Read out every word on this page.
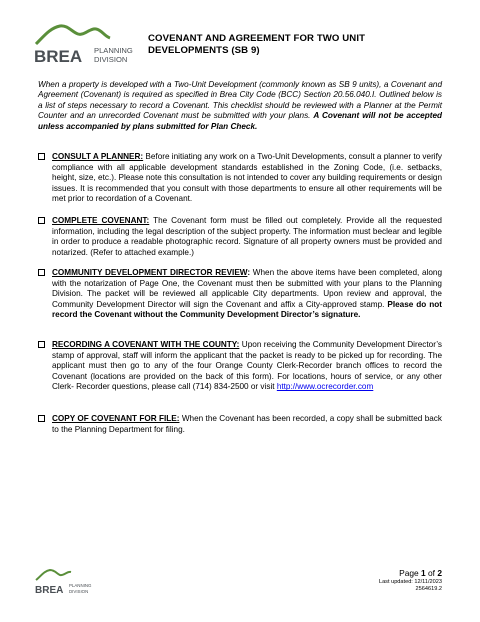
BREA PLANNING
DIVISION
COVENANT AND AGREEMENT FOR TWO UNIT
DEVELOPMENTS (SB 9)
When a property is developed with a Two-Unit Development (commonly known as SB 9 units), a Covenant and Agreement (Covenant) is required as specified in Brea City Code (BCC) Section 20.56.040.I. Outlined below is a list of steps necessary to record a Covenant. This checklist should be reviewed with a Planner at the Permit Counter and an unrecorded Covenant must be submitted with your plans. A Covenant will not be accepted unless accompanied by plans submitted for Plan Check.
CONSULT A PLANNER: Before initiating any work on a Two-Unit Developments, consult a planner to verify compliance with all applicable development standards established in the Zoning Code, (i.e. setbacks, height, size, etc.). Please note this consultation is not intended to cover any building requirements or design issues. It is recommended that you consult with those departments to ensure all other requirements will be met prior to recordation of a Covenant.
COMPLETE COVENANT: The Covenant form must be filled out completely. Provide all the requested information, including the legal description of the subject property. The information must beclear and legible in order to produce a readable photographic record. Signature of all property owners must be provided and notarized. (Refer to attached example.)
COMMUNITY DEVELOPMENT DIRECTOR REVIEW: When the above items have been completed, along with the notarization of Page One, the Covenant must then be submitted with your plans to the Planning Division. The packet will be reviewed all applicable City departments. Upon review and approval, the Community Development Director will sign the Covenant and affix a City-approved stamp. Please do not record the Covenant without the Community Development Director’s signature.
RECORDING A COVENANT WITH THE COUNTY: Upon receiving the Community Development Director’s stamp of approval, staff will inform the applicant that the packet is ready to be picked up for recording. The applicant must then go to any of the four Orange County Clerk-Recorder branch offices to record the Covenant (locations are provided on the back of this form). For locations, hours of service, or any other Clerk- Recorder questions, please call (714) 834-2500 or visit http://www.ocrecorder.com
COPY OF COVENANT FOR FILE: When the Covenant has been recorded, a copy shall be submitted back to the Planning Department for filing.
BREA PLANNING
DIVISION
Page 1 of 2
Last updated: 12/11/2023
2564619.2
